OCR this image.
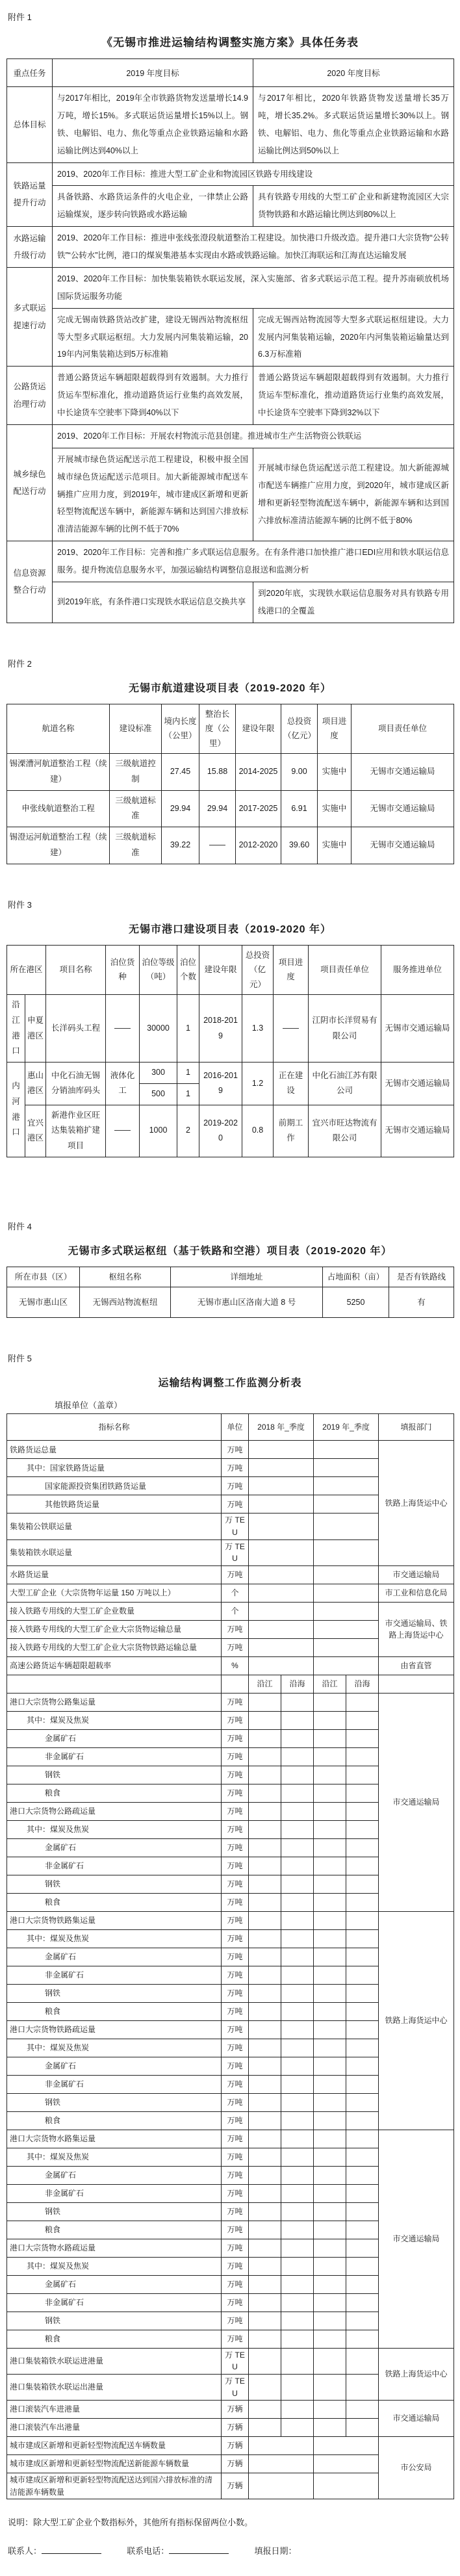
附件 1
《无锡市推进运输结构调整实施方案》具体任务表
重点任务	2019 年度目标	2020 年度目标
总体目标	与2017年相比，2019年全市铁路货物发送量增长14.9万吨，增长15%。多式联运货运量增长15%以上。钢铁、电解铝、电力、焦化等重点企业铁路运输和水路运输比例达到40%以上	与2017年相比，2020年铁路货物发送量增长35万吨，增长35.2%。多式联运货运量增长30%以上。钢铁、电解铝、电力、焦化等重点企业铁路运输和水路运输比例达到50%以上
铁路运量提升行动	2019、2020年工作目标：推进大型工矿企业和物流园区铁路专用线建设	
	具备铁路、水路货运条件的火电企业，一律禁止公路运输煤炭，逐步转向铁路或水路运输	具有铁路专用线的大型工矿企业和新建物流园区大宗货物铁路和水路运输比例达到80%以上
水路运输升级行动	2019、2020年工作目标：推进申张线张澄段航道整治工程建设。加快港口升级改造。提升港口大宗货物“公转铁”“公转水”比例，港口的煤炭集港基本实现由水路或铁路运输。加快江海联运和江海直达运输发展	
多式联运提速行动	2019、2020年工作目标：加快集装箱铁水联运发展，深入实施部、省多式联运示范工程。提升苏南硕放机场国际货运服务功能	
	完成无锡南铁路货站改扩建，建设无锡西站物流枢纽等大型多式联运枢纽。大力发展内河集装箱运输，2019年内河集装箱达到5万标准箱	完成无锡西站物流园等大型多式联运枢纽建设。大力发展内河集装箱运输，2020年内河集装箱运输量达到6.3万标准箱
公路货运治理行动	普通公路货运车辆超限超载得到有效遏制。大力推行货运车型标准化，推动道路货运行业集约高效发展，中长途货车空驶率下降到40%以下	普通公路货运车辆超限超载得到有效遏制。大力推行货运车型标准化，推动道路货运行业集约高效发展，中长途货车空驶率下降到32%以下
城乡绿色配送行动	2019、2020年工作目标：开展农村物流示范县创建。推进城市生产生活物资公铁联运	
	开展城市绿色货运配送示范工程建设，积极申报全国城市绿色货运配送示范项目。加大新能源城市配送车辆推广应用力度，到2019年，城市建成区新增和更新轻型物流配送车辆中，新能源车辆和达到国六排放标准清洁能源车辆的比例不低于70%	开展城市绿色货运配送示范工程建设。加大新能源城市配送车辆推广应用力度，到2020年，城市建成区新增和更新轻型物流配送车辆中，新能源车辆和达到国六排放标准清洁能源车辆的比例不低于80%
信息资源整合行动	2019、2020年工作目标：完善和推广多式联运信息服务。在有条件港口加快推广港口EDI应用和铁水联运信息服务。提升物流信息服务水平，加强运输结构调整信息报送和监测分析	
	到2019年底，有条件港口实现铁水联运信息交换共享	到2020年底，实现铁水联运信息服务对具有铁路专用线港口的全覆盖
附件 2
无锡市航道建设项目表（2019-2020 年）
航道名称	建设标准	境内长度（公里）	整治长度（公里）	建设年限	总投资（亿元）	项目进度	项目责任单位
锡溧漕河航道整治工程（续建）	三级航道控制	27.45	15.88	2014-2025	9.00	实施中	无锡市交通运输局
申张线航道整治工程	三级航道标准	29.94	29.94	2017-2025	6.91	实施中	无锡市交通运输局
锡澄运河航道整治工程（续建）	三级航道标准	39.22	——	2012-2020	39.60	实施中	无锡市交通运输局
附件 3
无锡市港口建设项目表（2019-2020 年）
所在港区		项目名称	泊位货种	泊位等级（吨）	泊位个数	建设年限	总投资（亿元）	项目进度	项目责任单位	服务推进单位
沿江港口	申夏港区	长洋码头工程	——	30000	1	2018-2019	1.3	——	江阴市长洋贸易有限公司	无锡市交通运输局
内河港口	惠山港区	中化石油无锡分销油库码头	液体化工	300	1	2016-2019	1.2	正在建设	中化石油江苏有限公司	无锡市交通运输局
				500	1					
	宜兴港区	新港作业区旺达集装箱扩建项目	——	1000	2	2019-2020	0.8	前期工作	宜兴市旺达物流有限公司	无锡市交通运输局
附件 4
无锡市多式联运枢纽（基于铁路和空港）项目表（2019-2020 年）
所在市县（区）	枢纽名称	详细地址	占地面积（亩）	是否有铁路线
无锡市惠山区	无锡西站物流枢纽	无锡市惠山区洛南大道 8 号	5250	有
附件 5
运输结构调整工作监测分析表
填报单位（盖章）
指标名称	单位	2018 年_季度		2019 年_季度		填报部门
铁路货运总量	万吨					铁路上海货运中心
其中：国家铁路货运量	万吨					
国家能源投资集团铁路货运量	万吨					
其他铁路货运量	万吨					
集装箱公铁联运量	万 TEU					
集装箱铁水联运量	万 TEU					
水路货运量	万吨					市交通运输局
大型工矿企业（大宗货物年运量 150 万吨以上）	个					市工业和信息化局
接入铁路专用线的大型工矿企业数量	个					市交通运输局、铁路上海货运中心
接入铁路专用线的大型工矿企业大宗货物运输总量	万吨					
接入铁路专用线的大型工矿企业大宗货物铁路运输总量	万吨					
高速公路货运车辆超限超载率	%					由省直管
		沿江	沿海	沿江	沿海	
港口大宗货物公路集运量	万吨					市交通运输局
其中：煤炭及焦炭	万吨					
金属矿石	万吨					
非金属矿石	万吨					
钢铁	万吨					
粮食	万吨					
港口大宗货物公路疏运量	万吨					
其中：煤炭及焦炭	万吨					
金属矿石	万吨					
非金属矿石	万吨					
钢铁	万吨					
粮食	万吨					
港口大宗货物铁路集运量	万吨					铁路上海货运中心
其中：煤炭及焦炭	万吨					
金属矿石	万吨					
非金属矿石	万吨					
钢铁	万吨					
粮食	万吨					
港口大宗货物铁路疏运量	万吨					
其中：煤炭及焦炭	万吨					
金属矿石	万吨					
非金属矿石	万吨					
钢铁	万吨					
粮食	万吨					
港口大宗货物水路集运量	万吨					市交通运输局
其中：煤炭及焦炭	万吨					
金属矿石	万吨					
非金属矿石	万吨					
钢铁	万吨					
粮食	万吨					
港口大宗货物水路疏运量	万吨					
其中：煤炭及焦炭	万吨					
金属矿石	万吨					
非金属矿石	万吨					
钢铁	万吨					
粮食	万吨					
港口集装箱铁水联运进港量	万 TEU					铁路上海货运中心
港口集装箱铁水联运出港量	万 TEU					
港口滚装汽车进港量	万辆					市交通运输局
港口滚装汽车出港量	万辆					
城市建成区新增和更新轻型物流配送车辆数量	万辆					市公安局
城市建成区新增和更新轻型物流配送新能源车辆数量	万辆					
城市建成区新增和更新轻型物流配送达到国六排放标准的清洁能源车辆数量	万辆					
说明：除大型工矿企业个数指标外，其他所有指标保留两位小数。
联系人：	联系电话：	填报日期：
